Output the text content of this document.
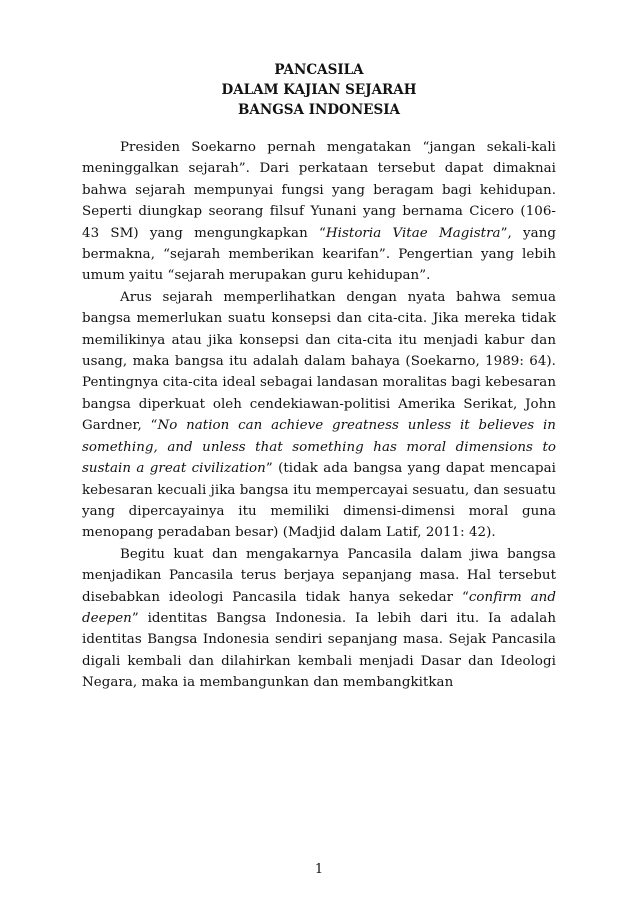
PANCASILA
DALAM KAJIAN SEJARAH
BANGSA INDONESIA

Presiden Soekarno pernah mengatakan “jangan sekali-kali meninggalkan sejarah”. Dari perkataan tersebut dapat dimaknai bahwa sejarah mempunyai fungsi yang beragam bagi kehidupan. Seperti diungkap seorang filsuf Yunani yang bernama Cicero (106-43 SM) yang mengungkapkan “Historia Vitae Magistra”, yang bermakna, “sejarah memberikan kearifan”. Pengertian yang lebih umum yaitu “sejarah merupakan guru kehidupan”.

Arus sejarah memperlihatkan dengan nyata bahwa semua bangsa memerlukan suatu konsepsi dan cita-cita. Jika mereka tidak memilikinya atau jika konsepsi dan cita-cita itu menjadi kabur dan usang, maka bangsa itu adalah dalam bahaya (Soekarno, 1989: 64). Pentingnya cita-cita ideal sebagai landasan moralitas bagi kebesaran bangsa diperkuat oleh cendekiawan-politisi Amerika Serikat, John Gardner, “No nation can achieve greatness unless it believes in something, and unless that something has moral dimensions to sustain a great civilization” (tidak ada bangsa yang dapat mencapai kebesaran kecuali jika bangsa itu mempercayai sesuatu, dan sesuatu yang dipercayainya itu memiliki dimensi-dimensi moral guna menopang peradaban besar) (Madjid dalam Latif, 2011: 42).

Begitu kuat dan mengakarnya Pancasila dalam jiwa bangsa menjadikan Pancasila terus berjaya sepanjang masa. Hal tersebut disebabkan ideologi Pancasila tidak hanya sekedar “confirm and deepen” identitas Bangsa Indonesia. Ia lebih dari itu. Ia adalah identitas Bangsa Indonesia sendiri sepanjang masa. Sejak Pancasila digali kembali dan dilahirkan kembali menjadi Dasar dan Ideologi Negara, maka ia membangunkan dan membangkitkan

1
